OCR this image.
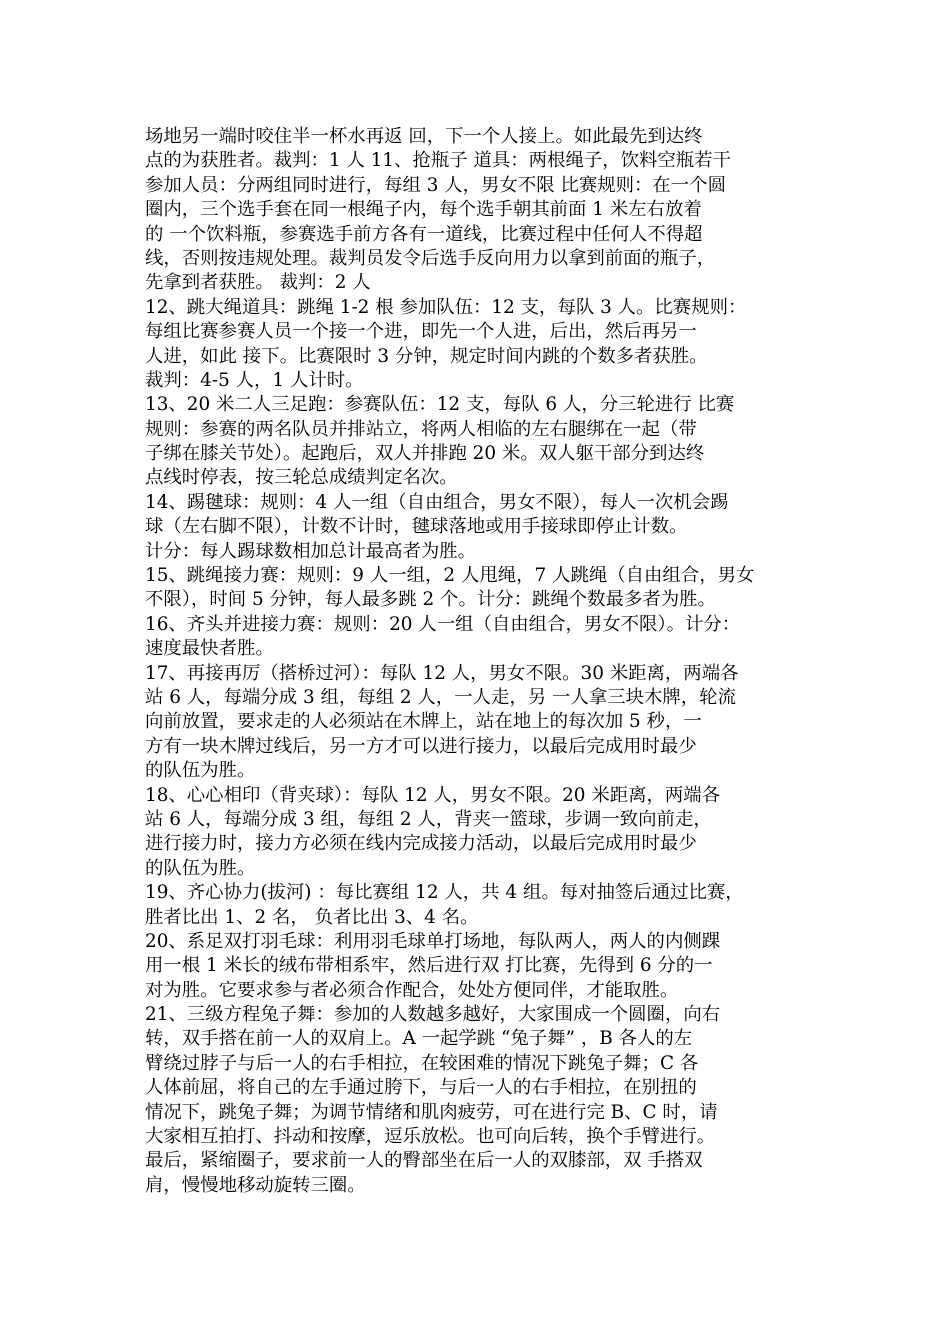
场地另一端时咬住半一杯水再返 回，下一个人接上。如此最先到达终
点的为获胜者。裁判：1 人 11、抢瓶子 道具：两根绳子，饮料空瓶若干
参加人员：分两组同时进行，每组 3 人，男女不限 比赛规则：在一个圆
圈内，三个选手套在同一根绳子内，每个选手朝其前面 1 米左右放着
的 一个饮料瓶，参赛选手前方各有一道线，比赛过程中任何人不得超
线，否则按违规处理。裁判员发令后选手反向用力以拿到前面的瓶子，
先拿到者获胜。 裁判：2 人
12、跳大绳道具：跳绳 1-2 根 参加队伍：12 支，每队 3 人。比赛规则：
每组比赛参赛人员一个接一个进，即先一个人进，后出，然后再另一
人进，如此 接下。比赛限时 3 分钟，规定时间内跳的个数多者获胜。
裁判：4-5 人，1 人计时。
13、20 米二人三足跑：参赛队伍：12 支，每队 6 人，分三轮进行 比赛
规则：参赛的两名队员并排站立，将两人相临的左右腿绑在一起（带
子绑在膝关节处）。起跑后，双人并排跑 20 米。双人躯干部分到达终
点线时停表，按三轮总成绩判定名次。
14、踢毽球：规则：4 人一组（自由组合，男女不限），每人一次机会踢
球（左右脚不限），计数不计时，毽球落地或用手接球即停止计数。
计分：每人踢球数相加总计最高者为胜。
15、跳绳接力赛：规则：9 人一组，2 人甩绳，7 人跳绳（自由组合，男女
不限），时间 5 分钟，每人最多跳 2 个。计分：跳绳个数最多者为胜。
16、齐头并进接力赛：规则：20 人一组（自由组合，男女不限）。计分：
速度最快者胜。
17、再接再厉（搭桥过河）：每队 12 人，男女不限。30 米距离，两端各
站 6 人，每端分成 3 组，每组 2 人，一人走，另 一人拿三块木牌，轮流
向前放置，要求走的人必须站在木牌上，站在地上的每次加 5 秒，一
方有一块木牌过线后，另一方才可以进行接力，以最后完成用时最少
的队伍为胜。
18、心心相印（背夹球）：每队 12 人，男女不限。20 米距离，两端各
站 6 人，每端分成 3 组，每组 2 人，背夹一篮球，步调一致向前走，
进行接力时，接力方必须在线内完成接力活动，以最后完成用时最少
的队伍为胜。
19、齐心协力(拔河) ：每比赛组 12 人，共 4 组。每对抽签后通过比赛，
胜者比出 1、2 名， 负者比出 3、4 名。
20、系足双打羽毛球：利用羽毛球单打场地，每队两人，两人的内侧踝
用一根 1 米长的绒布带相系牢，然后进行双 打比赛，先得到 6 分的一
对为胜。它要求参与者必须合作配合，处处方便同伴，才能取胜。
21、三级方程兔子舞：参加的人数越多越好，大家围成一个圆圈，向右
转，双手搭在前一人的双肩上。A 一起学跳 “兔子舞” ，B 各人的左
臂绕过脖子与后一人的右手相拉，在较困难的情况下跳兔子舞；C 各
人体前屈，将自己的左手通过胯下，与后一人的右手相拉，在别扭的
情况下，跳兔子舞；为调节情绪和肌肉疲劳，可在进行完 B、C 时，请
大家相互拍打、抖动和按摩，逗乐放松。也可向后转，换个手臂进行。
最后，紧缩圈子，要求前一人的臀部坐在后一人的双膝部，双 手搭双
肩，慢慢地移动旋转三圈。
